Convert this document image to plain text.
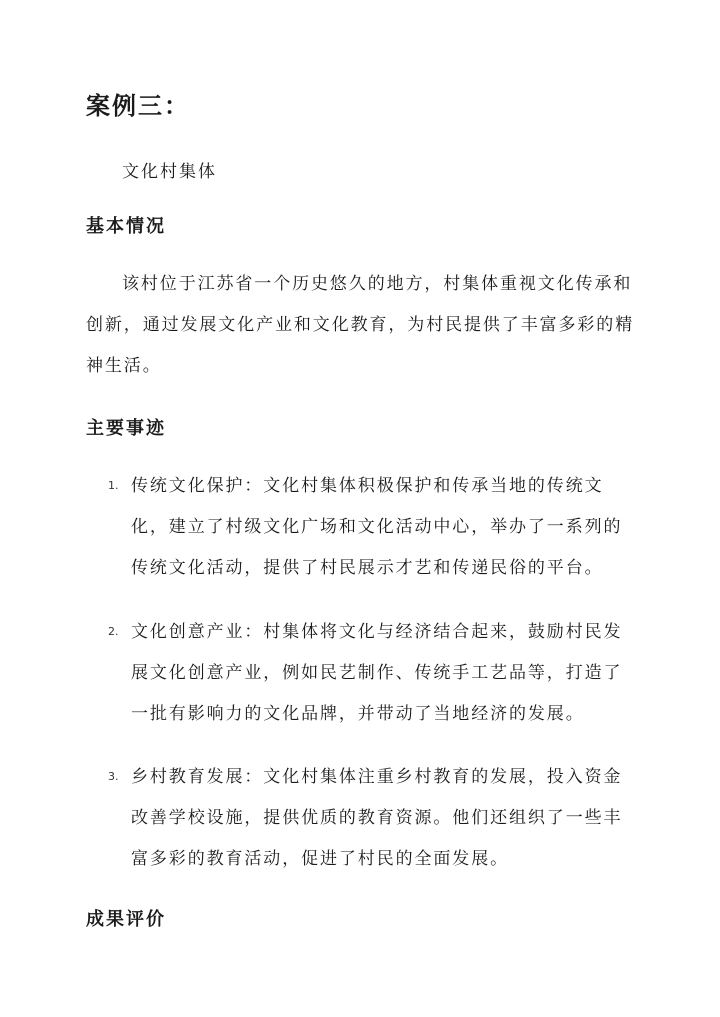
案例三：
文化村集体
基本情况

该村位于江苏省一个历史悠久的地方，村集体重视文化传承和创新，通过发展文化产业和文化教育，为村民提供了丰富多彩的精神生活。

主要事迹
1. 传统文化保护：文化村集体积极保护和传承当地的传统文化，建立了村级文化广场和文化活动中心，举办了一系列的传统文化活动，提供了村民展示才艺和传递民俗的平台。

2. 文化创意产业：村集体将文化与经济结合起来，鼓励村民发展文化创意产业，例如民艺制作、传统手工艺品等，打造了一批有影响力的文化品牌，并带动了当地经济的发展。

3. 乡村教育发展：文化村集体注重乡村教育的发展，投入资金改善学校设施，提供优质的教育资源。他们还组织了一些丰富多彩的教育活动，促进了村民的全面发展。

成果评价
